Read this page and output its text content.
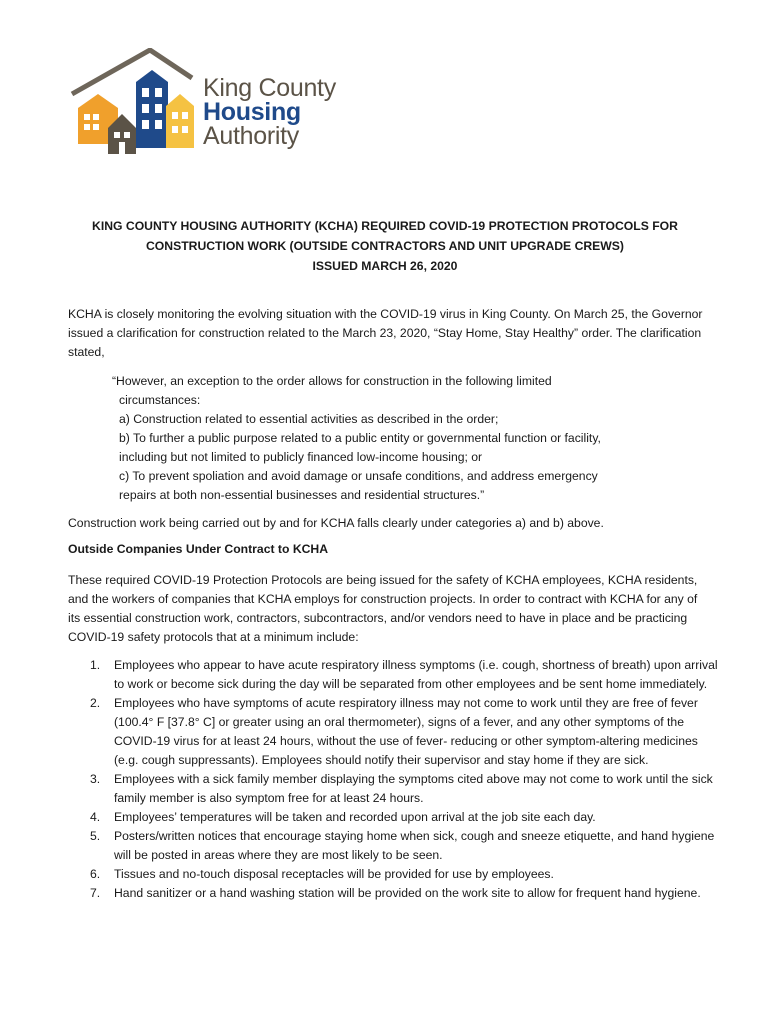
King County
Housing
Authority
KING COUNTY HOUSING AUTHORITY (KCHA) REQUIRED COVID-19 PROTECTION PROTOCOLS FOR
CONSTRUCTION WORK (OUTSIDE CONTRACTORS AND UNIT UPGRADE CREWS)
ISSUED MARCH 26, 2020

KCHA is closely monitoring the evolving situation with the COVID-19 virus in King County. On March 25, the Governor issued a clarification for construction related to the March 23, 2020, “Stay Home, Stay Healthy” order. The clarification stated,

“However, an exception to the order allows for construction in the following limited
circumstances:
a) Construction related to essential activities as described in the order;
b) To further a public purpose related to a public entity or governmental function or facility,
including but not limited to publicly financed low-income housing; or
c) To prevent spoliation and avoid damage or unsafe conditions, and address emergency
repairs at both non-essential businesses and residential structures.”

Construction work being carried out by and for KCHA falls clearly under categories a) and b) above.

Outside Companies Under Contract to KCHA

These required COVID-19 Protection Protocols are being issued for the safety of KCHA employees, KCHA residents, and the workers of companies that KCHA employs for construction projects. In order to contract with KCHA for any of its essential construction work, contractors, subcontractors, and/or vendors need to have in place and be practicing COVID-19 safety protocols that at a minimum include:

1. Employees who appear to have acute respiratory illness symptoms (i.e. cough, shortness of breath) upon arrival to work or become sick during the day will be separated from other employees and be sent home immediately.
2. Employees who have symptoms of acute respiratory illness may not come to work until they are free of fever (100.4° F [37.8° C] or greater using an oral thermometer), signs of a fever, and any other symptoms of the COVID-19 virus for at least 24 hours, without the use of fever- reducing or other symptom-altering medicines (e.g. cough suppressants). Employees should notify their supervisor and stay home if they are sick.
3. Employees with a sick family member displaying the symptoms cited above may not come to work until the sick family member is also symptom free for at least 24 hours.
4. Employees’ temperatures will be taken and recorded upon arrival at the job site each day.
5. Posters/written notices that encourage staying home when sick, cough and sneeze etiquette, and hand hygiene will be posted in areas where they are most likely to be seen.
6. Tissues and no-touch disposal receptacles will be provided for use by employees.
7. Hand sanitizer or a hand washing station will be provided on the work site to allow for frequent hand hygiene.
